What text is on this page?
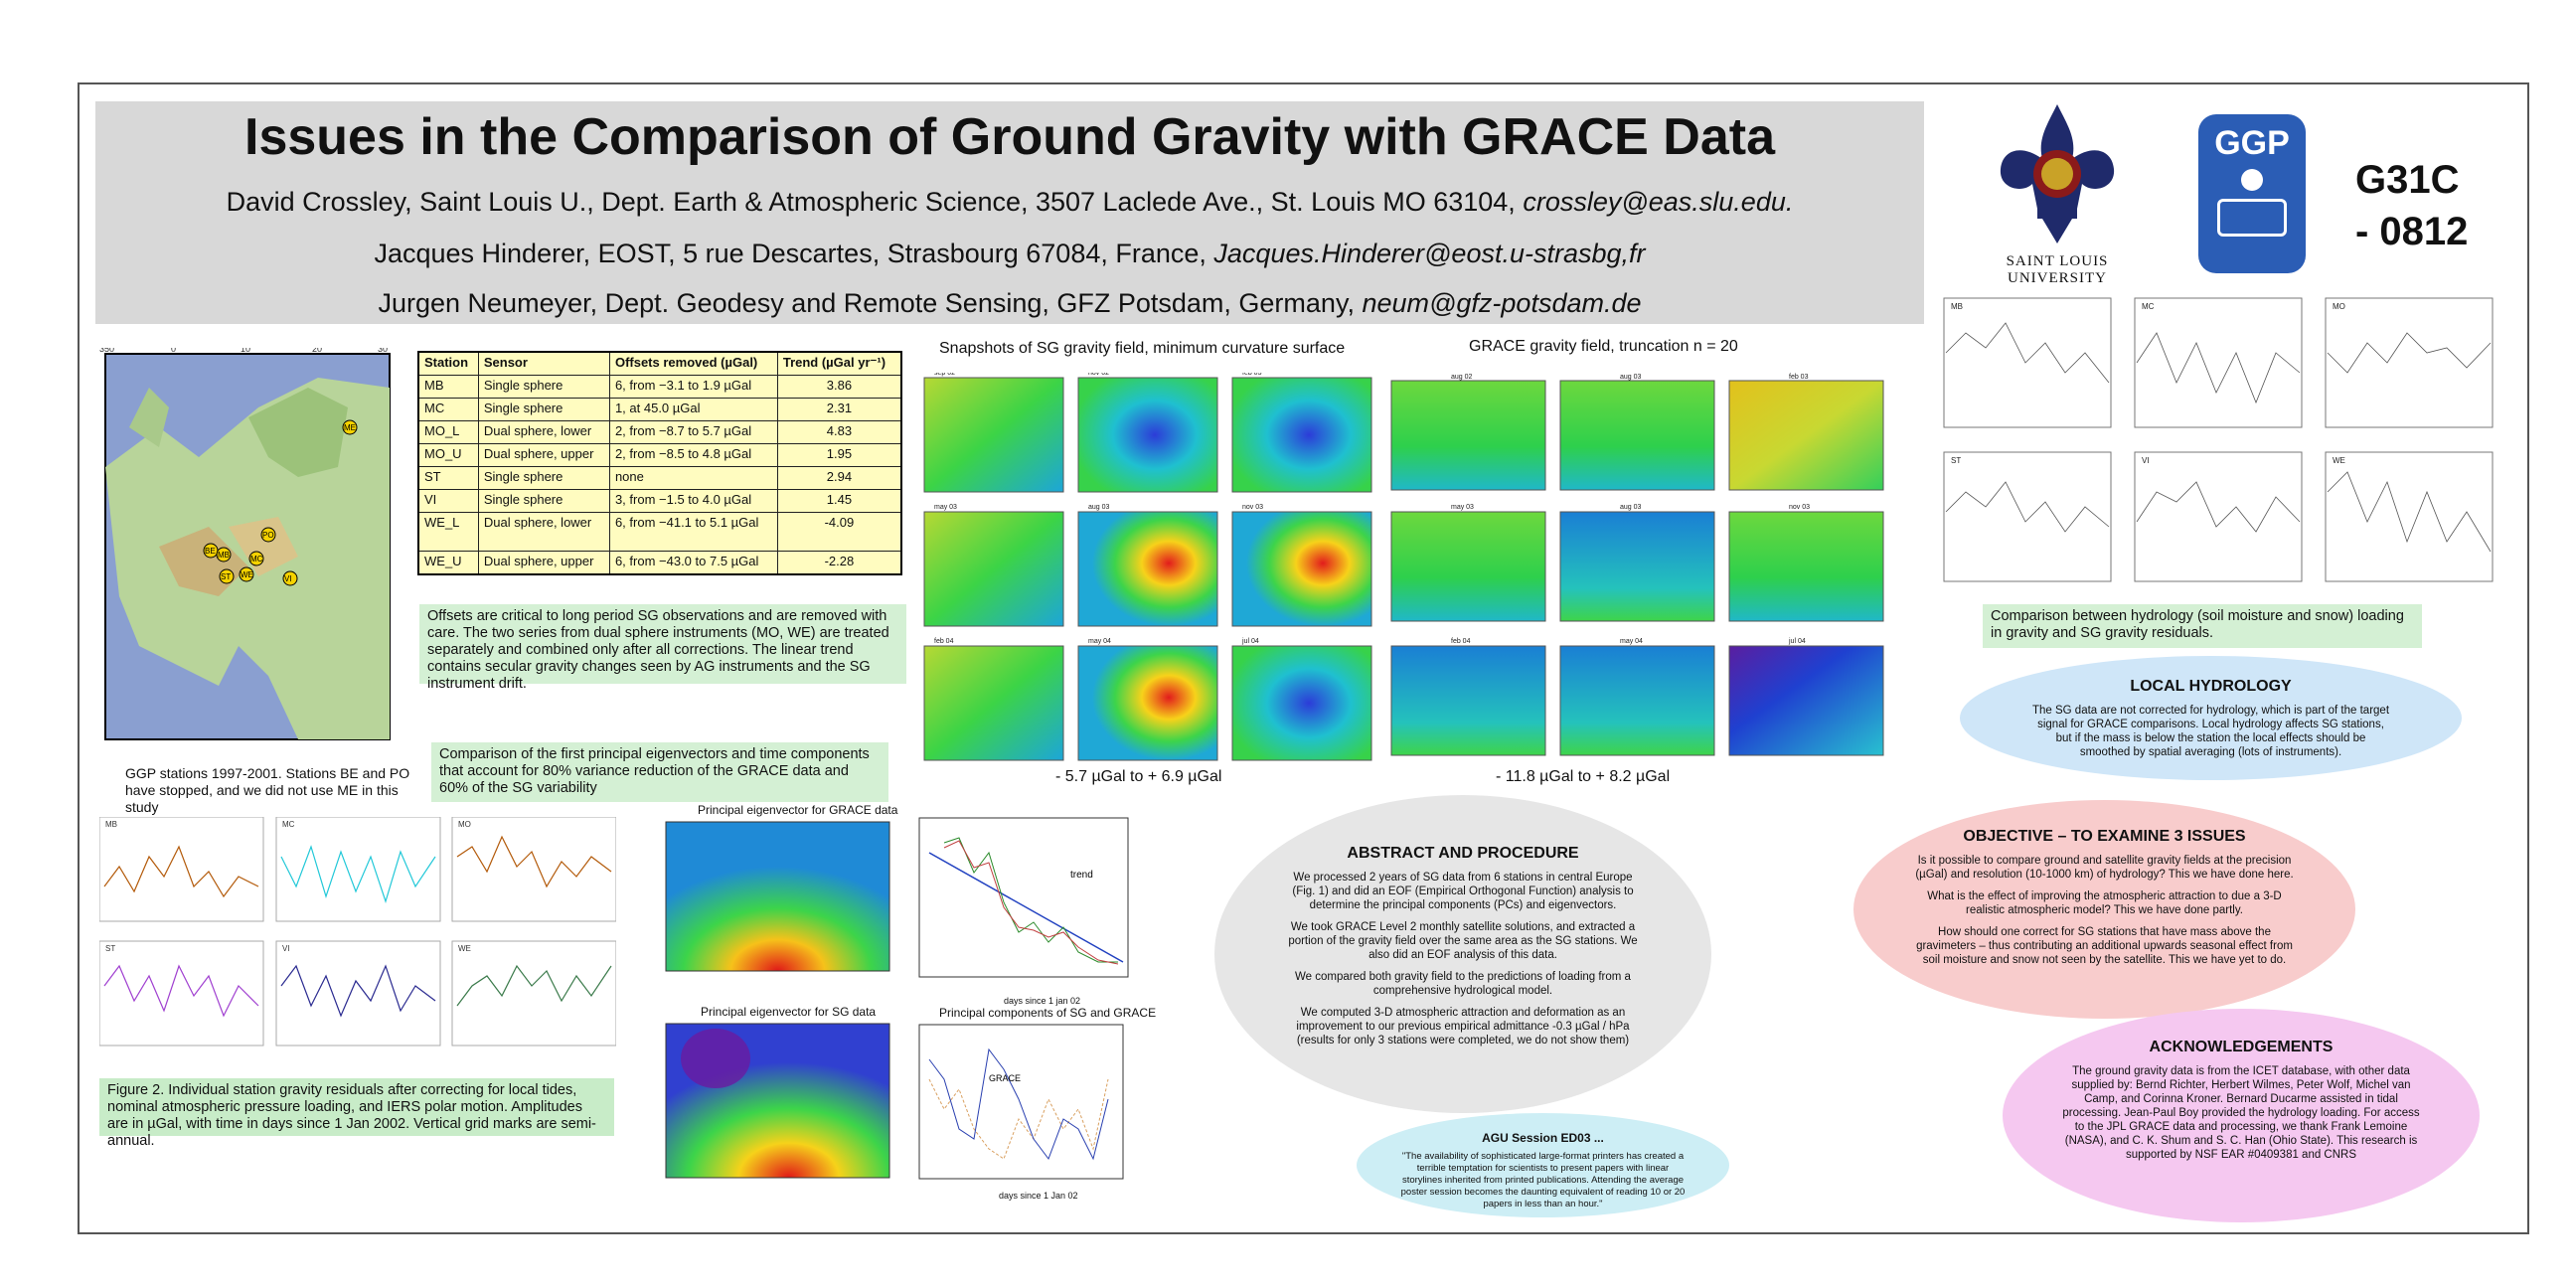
Issues in the Comparison of Ground Gravity with GRACE Data
David Crossley, Saint Louis U., Dept. Earth & Atmospheric Science, 3507 Laclede Ave., St. Louis MO 63104, crossley@eas.slu.edu.
Jacques Hinderer, EOST, 5 rue Descartes, Strasbourg 67084, France, Jacques.Hinderer@eost.u-strasbg,fr
Jurgen Neumeyer, Dept. Geodesy and Remote Sensing, GFZ Potsdam, Germany, neum@gfz-potsdam.de
SAINT LOUIS
UNIVERSITY
GGP
G31C
- 0812
ME
PO
BE MB	MC
WE
ST	VI
350°	0°	10°	20°	30°
GGP stations 1997-2001. Stations BE and PO have stopped, and we did not use ME in this study
Station	Sensor	Offsets removed (µGal)	Trend (µGal yr⁻¹)
MB	Single sphere	6, from −3.1 to 1.9 µGal	3.86
MC	Single sphere	1, at 45.0 µGal	2.31
MO_L	Dual sphere, lower	2, from −8.7 to 5.7 µGal	4.83
MO_U	Dual sphere, upper	2, from −8.5 to 4.8 µGal	1.95
ST	Single sphere	none	2.94
VI	Single sphere	3, from −1.5 to 4.0 µGal	1.45
WE_L	Dual sphere, lower	6, from −41.1 to 5.1 µGal	-4.09
WE_U	Dual sphere, upper	6, from −43.0 to 7.5 µGal	-2.28
Offsets are critical to long period SG observations and are removed with care. The two series from dual sphere instruments (MO, WE) are treated separately and combined only after all corrections. The linear trend contains secular gravity changes seen by AG instruments and the SG instrument drift.
Comparison of the first principal eigenvectors and time components that account for 80% variance reduction of the GRACE data and 60% of the SG variability
Snapshots of SG gravity field, minimum curvature surface	GRACE gravity field, truncation n = 20
sep 02	nov 02	feb 03
may 03	aug 03	nov 03
feb 04	may 04	jul 04
- 5.7 µGal to + 6.9 µGal
aug 02	aug 03	feb 03
may 03	aug 03	nov 03
feb 04	may 04	jul 04
- 11.8 µGal to + 8.2 µGal
MB	MC	MO
ST	VI	WE
Comparison between hydrology (soil moisture and snow) loading in gravity and SG gravity residuals.
LOCAL HYDROLOGY
The SG data are not corrected for hydrology, which is part of the target signal for GRACE comparisons. Local hydrology affects SG stations, but if the mass is below the station the local effects should be smoothed by spatial averaging (lots of instruments).
MB	MC	MO
ST	VI	WE
Figure 2. Individual station gravity residuals after correcting for local tides, nominal atmospheric pressure loading, and IERS polar motion. Amplitudes are in µGal, with time in days since 1 Jan 2002. Vertical grid marks are semi-annual.
Principal eigenvector for GRACE data
Principal eigenvector for SG data
trend
days since 1 jan 02
Principal components of SG and GRACE
GRACE
days since 1 Jan 02
ABSTRACT AND PROCEDURE
We processed 2 years of SG data from 6 stations in central Europe (Fig. 1) and did an EOF (Empirical Orthogonal Function) analysis to determine the principal components (PCs) and eigenvectors.
We took GRACE Level 2 monthly satellite solutions, and extracted a portion of the gravity field over the same area as the SG stations. We also did an EOF analysis of this data.
We compared both gravity field to the predictions of loading from a comprehensive hydrological model.
We computed 3-D atmospheric attraction and deformation as an improvement to our previous empirical admittance -0.3 µGal / hPa (results for only 3 stations were completed, we do not show them)
AGU Session ED03 ...
"The availability of sophisticated large-format printers has created a terrible temptation for scientists to present papers with linear storylines inherited from printed publications. Attending the average poster session becomes the daunting equivalent of reading 10 or 20 papers in less than an hour."
OBJECTIVE – TO EXAMINE 3 ISSUES
Is it possible to compare ground and satellite gravity fields at the precision (µGal) and resolution (10-1000 km) of hydrology? This we have done here.
What is the effect of improving the atmospheric attraction to due a 3-D realistic atmospheric model? This we have done partly.
How should one correct for SG stations that have mass above the gravimeters – thus contributing an additional upwards seasonal effect from soil moisture and snow not seen by the satellite. This we have yet to do.
ACKNOWLEDGEMENTS
The ground gravity data is from the ICET database, with other data supplied by: Bernd Richter, Herbert Wilmes, Peter Wolf, Michel van Camp, and Corinna Kroner. Bernard Ducarme assisted in tidal processing. Jean-Paul Boy provided the hydrology loading. For access to the JPL GRACE data and processing, we thank Frank Lemoine (NASA), and C. K. Shum and S. C. Han (Ohio State). This research is supported by NSF EAR #0409381 and CNRS
